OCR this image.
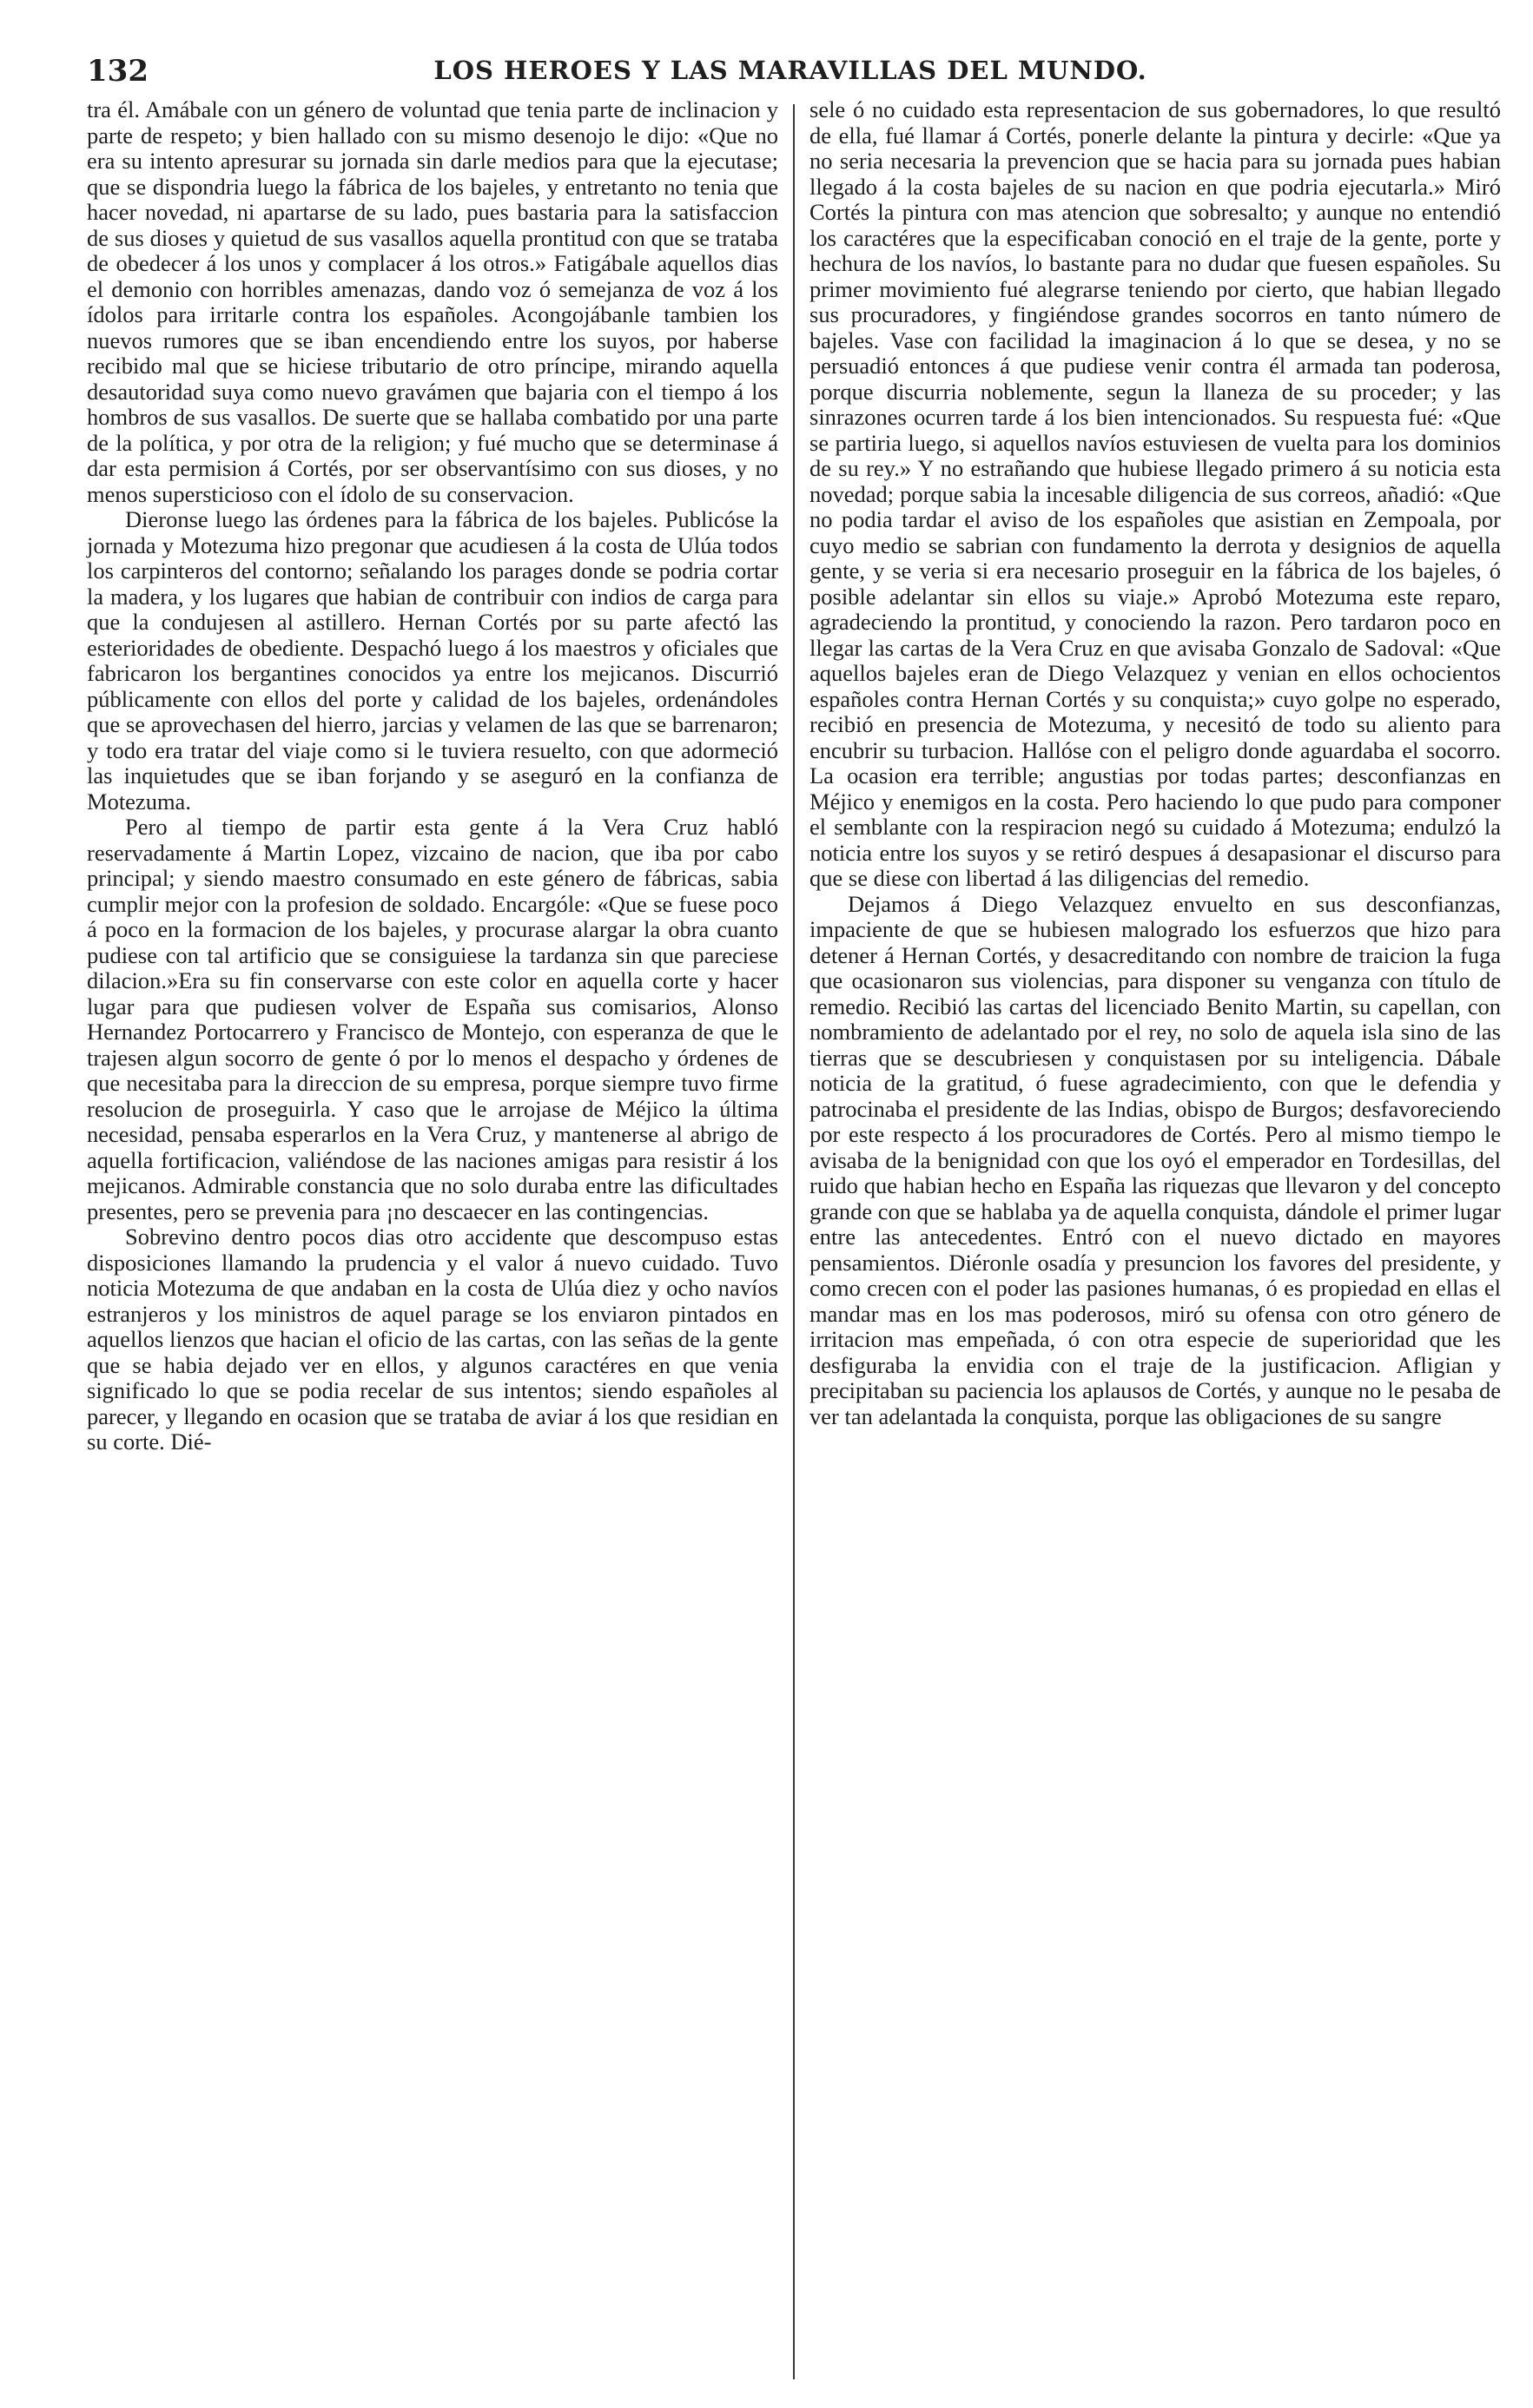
132	LOS HEROES Y LAS MARAVILLAS DEL MUNDO.

tra él. Amábale con un género de voluntad que tenia parte de inclinacion y parte de respeto; y bien hallado con su mismo desenojo le dijo: «Que no era su intento apresurar su jornada sin darle medios para que la ejecutase; que se dispondria luego la fábrica de los bajeles, y entretanto no tenia que hacer novedad, ni apartarse de su lado, pues bastaria para la satisfaccion de sus dioses y quietud de sus vasallos aquella prontitud con que se trataba de obedecer á los unos y complacer á los otros.» Fatigábale aquellos dias el demonio con horribles amenazas, dando voz ó semejanza de voz á los ídolos para irritarle contra los españoles. Acongojábanle tambien los nuevos rumores que se iban encendiendo entre los suyos, por haberse recibido mal que se hiciese tributario de otro príncipe, mirando aquella desautoridad suya como nuevo gravámen que bajaria con el tiempo á los hombros de sus vasallos. De suerte que se hallaba combatido por una parte de la política, y por otra de la religion; y fué mucho que se determinase á dar esta permision á Cortés, por ser observantísimo con sus dioses, y no menos supersticioso con el ídolo de su conservacion.

Dieronse luego las órdenes para la fábrica de los bajeles. Publicóse la jornada y Motezuma hizo pregonar que acudiesen á la costa de Ulúa todos los carpinteros del contorno; señalando los parages donde se podria cortar la madera, y los lugares que habian de contribuir con indios de carga para que la condujesen al astillero. Hernan Cortés por su parte afectó las esterioridades de obediente. Despachó luego á los maestros y oficiales que fabricaron los bergantines conocidos ya entre los mejicanos. Discurrió públicamente con ellos del porte y calidad de los bajeles, ordenándoles que se aprovechasen del hierro, jarcias y velamen de las que se barrenaron; y todo era tratar del viaje como si le tuviera resuelto, con que adormeció las inquietudes que se iban forjando y se aseguró en la confianza de Motezuma.

Pero al tiempo de partir esta gente á la Vera Cruz habló reservadamente á Martin Lopez, vizcaino de nacion, que iba por cabo principal; y siendo maestro consumado en este género de fábricas, sabia cumplir mejor con la profesion de soldado. Encargóle: «Que se fuese poco á poco en la formacion de los bajeles, y procurase alargar la obra cuanto pudiese con tal artificio que se consiguiese la tardanza sin que pareciese dilacion.»Era su fin conservarse con este color en aquella corte y hacer lugar para que pudiesen volver de España sus comisarios, Alonso Hernandez Portocarrero y Francisco de Montejo, con esperanza de que le trajesen algun socorro de gente ó por lo menos el despacho y órdenes de que necesitaba para la direccion de su empresa, porque siempre tuvo firme resolucion de proseguirla. Y caso que le arrojase de Méjico la última necesidad, pensaba esperarlos en la Vera Cruz, y mantenerse al abrigo de aquella fortificacion, valiéndose de las naciones amigas para resistir á los mejicanos. Admirable constancia que no solo duraba entre las dificultades presentes, pero se prevenia para ¡no descaecer en las contingencias.

Sobrevino dentro pocos dias otro accidente que descompuso estas disposiciones llamando la prudencia y el valor á nuevo cuidado. Tuvo noticia Motezuma de que andaban en la costa de Ulúa diez y ocho navíos estranjeros y los ministros de aquel parage se los enviaron pintados en aquellos lienzos que hacian el oficio de las cartas, con las señas de la gente que se habia dejado ver en ellos, y algunos caractéres en que venia significado lo que se podia recelar de sus intentos; siendo españoles al parecer, y llegando en ocasion que se trataba de aviar á los que residian en su corte. Dié-

sele ó no cuidado esta representacion de sus gobernadores, lo que resultó de ella, fué llamar á Cortés, ponerle delante la pintura y decirle: «Que ya no seria necesaria la prevencion que se hacia para su jornada pues habian llegado á la costa bajeles de su nacion en que podria ejecutarla.» Miró Cortés la pintura con mas atencion que sobresalto; y aunque no entendió los caractéres que la especificaban conoció en el traje de la gente, porte y hechura de los navíos, lo bastante para no dudar que fuesen españoles. Su primer movimiento fué alegrarse teniendo por cierto, que habian llegado sus procuradores, y fingiéndose grandes socorros en tanto número de bajeles. Vase con facilidad la imaginacion á lo que se desea, y no se persuadió entonces á que pudiese venir contra él armada tan poderosa, porque discurria noblemente, segun la llaneza de su proceder; y las sinrazones ocurren tarde á los bien intencionados. Su respuesta fué: «Que se partiria luego, si aquellos navíos estuviesen de vuelta para los dominios de su rey.» Y no estrañando que hubiese llegado primero á su noticia esta novedad; porque sabia la incesable diligencia de sus correos, añadió: «Que no podia tardar el aviso de los españoles que asistian en Zempoala, por cuyo medio se sabrian con fundamento la derrota y designios de aquella gente, y se veria si era necesario proseguir en la fábrica de los bajeles, ó posible adelantar sin ellos su viaje.» Aprobó Motezuma este reparo, agradeciendo la prontitud, y conociendo la razon. Pero tardaron poco en llegar las cartas de la Vera Cruz en que avisaba Gonzalo de Sadoval: «Que aquellos bajeles eran de Diego Velazquez y venian en ellos ochocientos españoles contra Hernan Cortés y su conquista;» cuyo golpe no esperado, recibió en presencia de Motezuma, y necesitó de todo su aliento para encubrir su turbacion. Hallóse con el peligro donde aguardaba el socorro. La ocasion era terrible; angustias por todas partes; desconfianzas en Méjico y enemigos en la costa. Pero haciendo lo que pudo para componer el semblante con la respiracion negó su cuidado á Motezuma; endulzó la noticia entre los suyos y se retiró despues á desapasionar el discurso para que se diese con libertad á las diligencias del remedio.

Dejamos á Diego Velazquez envuelto en sus desconfianzas, impaciente de que se hubiesen malogrado los esfuerzos que hizo para detener á Hernan Cortés, y desacreditando con nombre de traicion la fuga que ocasionaron sus violencias, para disponer su venganza con título de remedio. Recibió las cartas del licenciado Benito Martin, su capellan, con nombramiento de adelantado por el rey, no solo de aquela isla sino de las tierras que se descubriesen y conquistasen por su inteligencia. Dábale noticia de la gratitud, ó fuese agradecimiento, con que le defendia y patrocinaba el presidente de las Indias, obispo de Burgos; desfavoreciendo por este respecto á los procuradores de Cortés. Pero al mismo tiempo le avisaba de la benignidad con que los oyó el emperador en Tordesillas, del ruido que habian hecho en España las riquezas que llevaron y del concepto grande con que se hablaba ya de aquella conquista, dándole el primer lugar entre las antecedentes. Entró con el nuevo dictado en mayores pensamientos. Diéronle osadía y presuncion los favores del presidente, y como crecen con el poder las pasiones humanas, ó es propiedad en ellas el mandar mas en los mas poderosos, miró su ofensa con otro género de irritacion mas empeñada, ó con otra especie de superioridad que les desfiguraba la envidia con el traje de la justificacion. Afligian y precipitaban su paciencia los aplausos de Cortés, y aunque no le pesaba de ver tan adelantada la conquista, porque las obligaciones de su sangre
